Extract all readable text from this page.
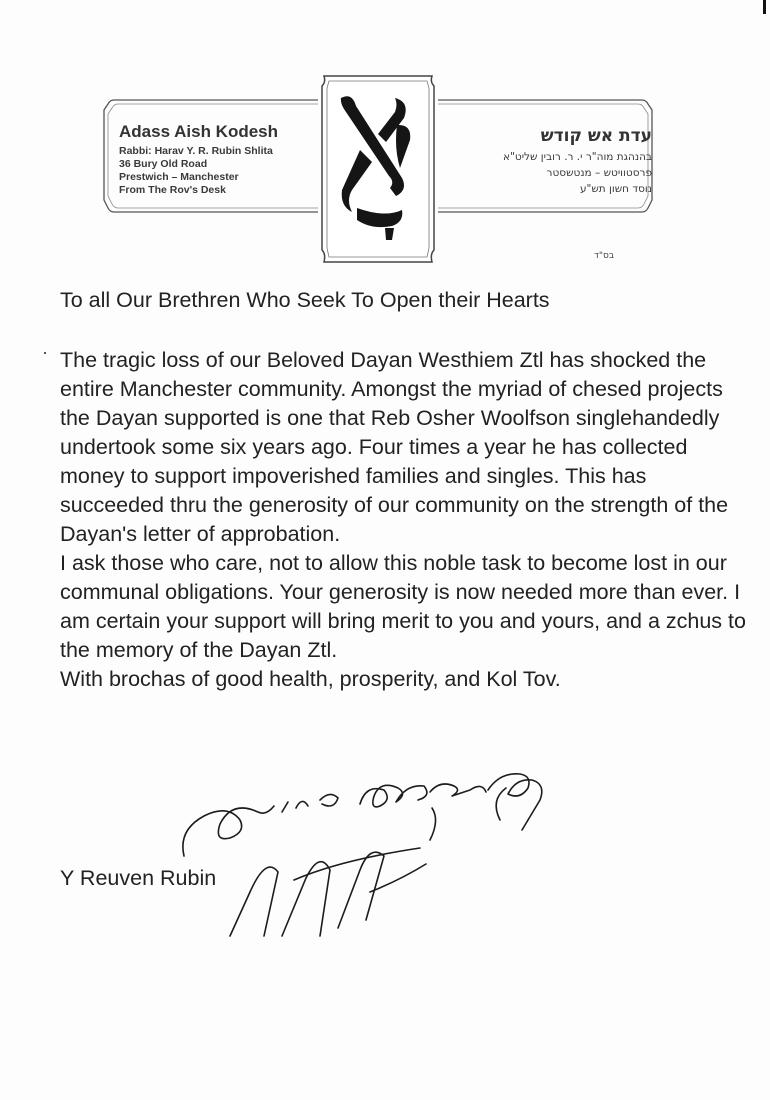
Adass Aish Kodesh
Rabbi: Harav Y. R. Rubin Shlita
36 Bury Old Road
Prestwich – Manchester
From The Rov's Desk
עדת אש קודש
בהנהגת מוה"ר י. ר. רובין שליט"א
פרסטוויטש – מנטשסטר
נוסד חשון תש"ע
בס"ד

To all Our Brethren Who Seek To Open their Hearts

The tragic loss of our Beloved Dayan Westhiem Ztl has shocked the entire Manchester community. Amongst the myriad of chesed projects the Dayan supported is one that Reb Osher Woolfson singlehandedly undertook some six years ago. Four times a year he has collected money to support impoverished families and singles. This has succeeded thru the generosity of our community on the strength of the Dayan's letter of approbation.

I ask those who care, not to allow this noble task to become lost in our communal obligations. Your generosity is now needed more than ever. I am certain your support will bring merit to you and yours, and a zchus to the memory of the Dayan Ztl.

With brochas of good health, prosperity, and Kol Tov.

Y Reuven Rubin
